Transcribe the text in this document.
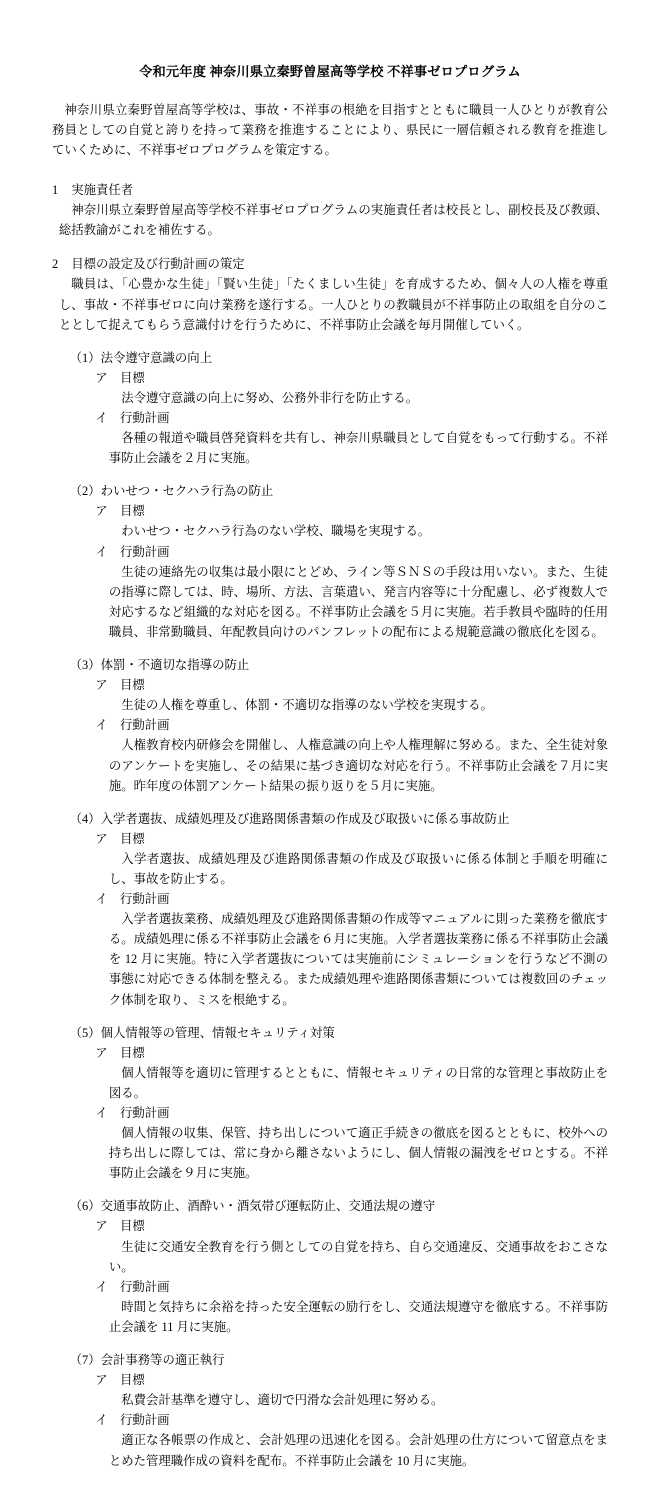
令和元年度 神奈川県立秦野曽屋高等学校 不祥事ゼロプログラム

神奈川県立秦野曽屋高等学校は、事故・不祥事の根絶を目指すとともに職員一人ひとりが教育公務員としての自覚と誇りを持って業務を推進することにより、県民に一層信頼される教育を推進していくために、不祥事ゼロプログラムを策定する。

1 実施責任者

神奈川県立秦野曽屋高等学校不祥事ゼロプログラムの実施責任者は校長とし、副校長及び教頭、総括教諭がこれを補佐する。

2 目標の設定及び行動計画の策定

職員は、「心豊かな生徒」「賢い生徒」「たくましい生徒」を育成するため、個々人の人権を尊重し、事故・不祥事ゼロに向け業務を遂行する。一人ひとりの教職員が不祥事防止の取組を自分のこととして捉えてもらう意識付けを行うために、不祥事防止会議を毎月開催していく。

（1）法令遵守意識の向上
ア　目標

法令遵守意識の向上に努め、公務外非行を防止する。

イ　行動計画

各種の報道や職員啓発資料を共有し、神奈川県職員として自覚をもって行動する。不祥事防止会議を２月に実施。

（2）わいせつ・セクハラ行為の防止
ア　目標

わいせつ・セクハラ行為のない学校、職場を実現する。

イ　行動計画

生徒の連絡先の収集は最小限にとどめ、ライン等ＳＮＳの手段は用いない。また、生徒の指導に際しては、時、場所、方法、言葉遣い、発言内容等に十分配慮し、必ず複数人で対応するなど組織的な対応を図る。不祥事防止会議を５月に実施。若手教員や臨時的任用職員、非常勤職員、年配教員向けのパンフレットの配布による規範意識の徹底化を図る。

（3）体罰・不適切な指導の防止
ア　目標

生徒の人権を尊重し、体罰・不適切な指導のない学校を実現する。

イ　行動計画

人権教育校内研修会を開催し、人権意識の向上や人権理解に努める。また、全生徒対象のアンケートを実施し、その結果に基づき適切な対応を行う。不祥事防止会議を７月に実施。昨年度の体罰アンケート結果の振り返りを５月に実施。

（4）入学者選抜、成績処理及び進路関係書類の作成及び取扱いに係る事故防止
ア　目標

入学者選抜、成績処理及び進路関係書類の作成及び取扱いに係る体制と手順を明確にし、事故を防止する。

イ　行動計画

入学者選抜業務、成績処理及び進路関係書類の作成等マニュアルに則った業務を徹底する。成績処理に係る不祥事防止会議を６月に実施。入学者選抜業務に係る不祥事防止会議を 12 月に実施。特に入学者選抜については実施前にシミュレーションを行うなど不測の事態に対応できる体制を整える。また成績処理や進路関係書類については複数回のチェック体制を取り、ミスを根絶する。

（5）個人情報等の管理、情報セキュリティ対策
ア　目標

個人情報等を適切に管理するとともに、情報セキュリティの日常的な管理と事故防止を図る。

イ　行動計画

個人情報の収集、保管、持ち出しについて適正手続きの徹底を図るとともに、校外への持ち出しに際しては、常に身から離さないようにし、個人情報の漏洩をゼロとする。不祥事防止会議を９月に実施。

（6）交通事故防止、酒酔い・酒気帯び運転防止、交通法規の遵守
ア　目標

生徒に交通安全教育を行う側としての自覚を持ち、自ら交通違反、交通事故をおこさない。

イ　行動計画

時間と気持ちに余裕を持った安全運転の励行をし、交通法規遵守を徹底する。不祥事防止会議を 11 月に実施。

（7）会計事務等の適正執行
ア　目標

私費会計基準を遵守し、適切で円滑な会計処理に努める。

イ　行動計画

適正な各帳票の作成と、会計処理の迅速化を図る。会計処理の仕方について留意点をまとめた管理職作成の資料を配布。不祥事防止会議を 10 月に実施。
